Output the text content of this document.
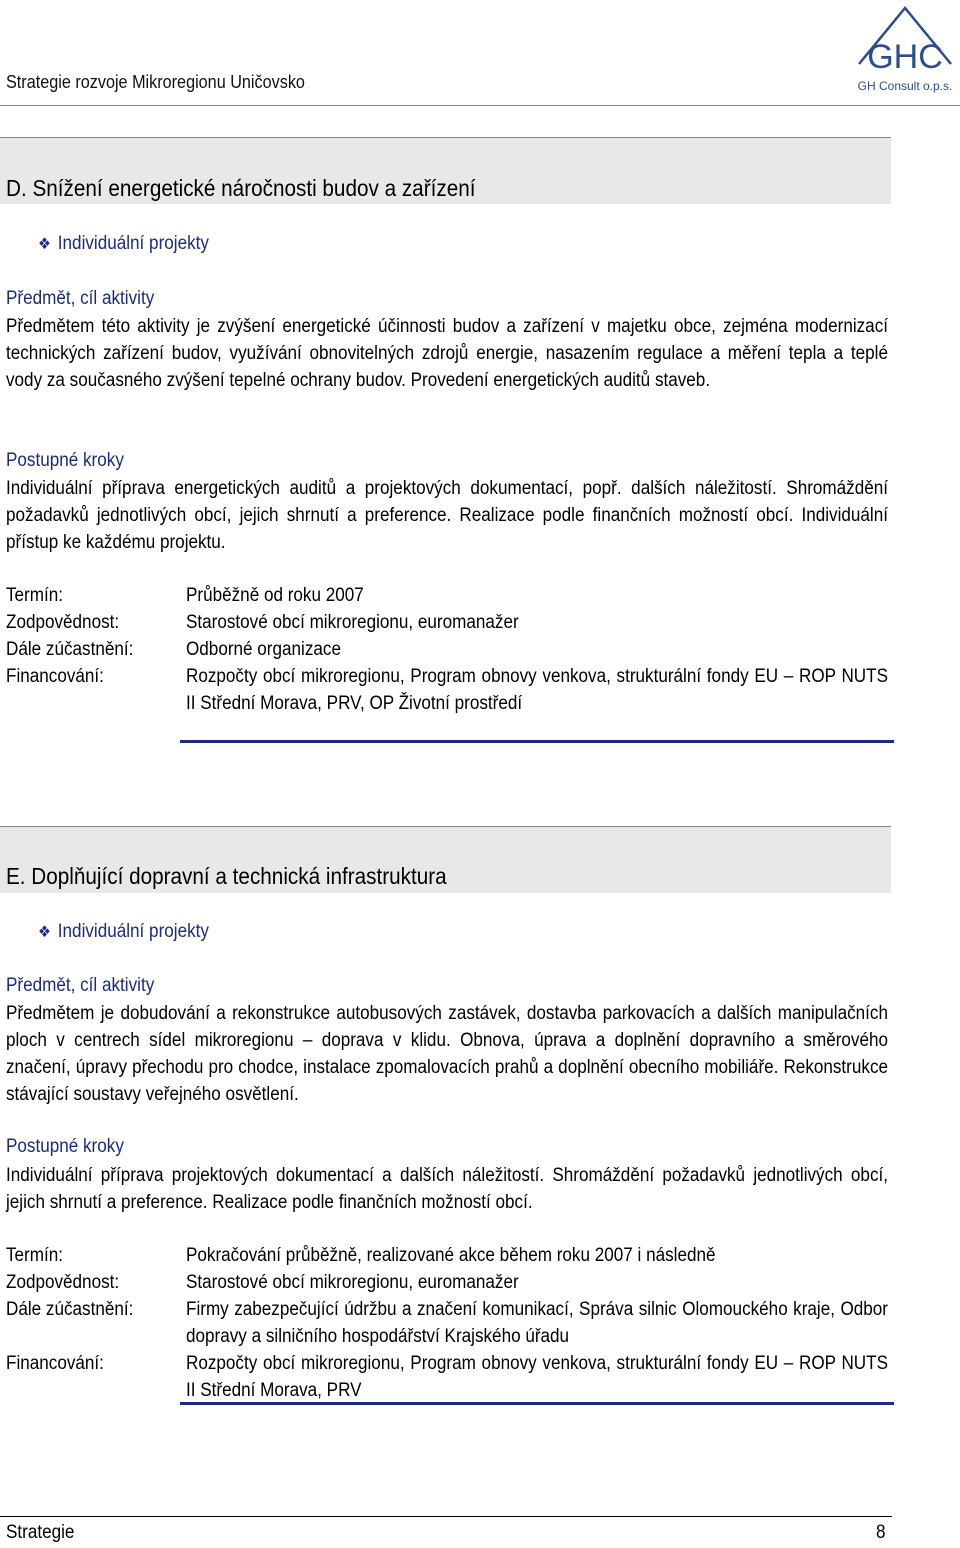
Strategie rozvoje Mikroregionu Uničovsko
GHC
GH Consult o.p.s.
D. Snížení energetické náročnosti budov a zařízení
❖ Individuální projekty
Předmět, cíl aktivity
Předmětem této aktivity je zvýšení energetické účinnosti budov a zařízení v majetku obce, zejména modernizací technických zařízení budov, využívání obnovitelných zdrojů energie, nasazením regulace a měření tepla a teplé vody za současného zvýšení tepelné ochrany budov. Provedení energetických auditů staveb.
Postupné kroky
Individuální příprava energetických auditů a projektových dokumentací, popř. dalších náležitostí. Shromáždění požadavků jednotlivých obcí, jejich shrnutí a preference. Realizace podle finančních možností obcí. Individuální přístup ke každému projektu.
Termín:	Průběžně od roku 2007
Zodpovědnost:	Starostové obcí mikroregionu, euromanažer
Dále zúčastnění:	Odborné organizace
Financování:	Rozpočty obcí mikroregionu, Program obnovy venkova, strukturální fondy EU – ROP NUTS II Střední Morava, PRV, OP Životní prostředí
E. Doplňující dopravní a technická infrastruktura
❖ Individuální projekty
Předmět, cíl aktivity
Předmětem je dobudování a rekonstrukce autobusových zastávek, dostavba parkovacích a dalších manipulačních ploch v centrech sídel mikroregionu – doprava v klidu. Obnova, úprava a doplnění dopravního a směrového značení, úpravy přechodu pro chodce, instalace zpomalovacích prahů a doplnění obecního mobiliáře. Rekonstrukce stávající soustavy veřejného osvětlení.
Postupné kroky
Individuální příprava projektových dokumentací a dalších náležitostí. Shromáždění požadavků jednotlivých obcí, jejich shrnutí a preference. Realizace podle finančních možností obcí.
Termín:	Pokračování průběžně, realizované akce během roku 2007 i následně
Zodpovědnost:	Starostové obcí mikroregionu, euromanažer
Dále zúčastnění:	Firmy zabezpečující údržbu a značení komunikací, Správa silnic Olomouckého kraje, Odbor dopravy a silničního hospodářství Krajského úřadu
Financování:	Rozpočty obcí mikroregionu, Program obnovy venkova, strukturální fondy EU – ROP NUTS II Střední Morava, PRV
Strategie	8
